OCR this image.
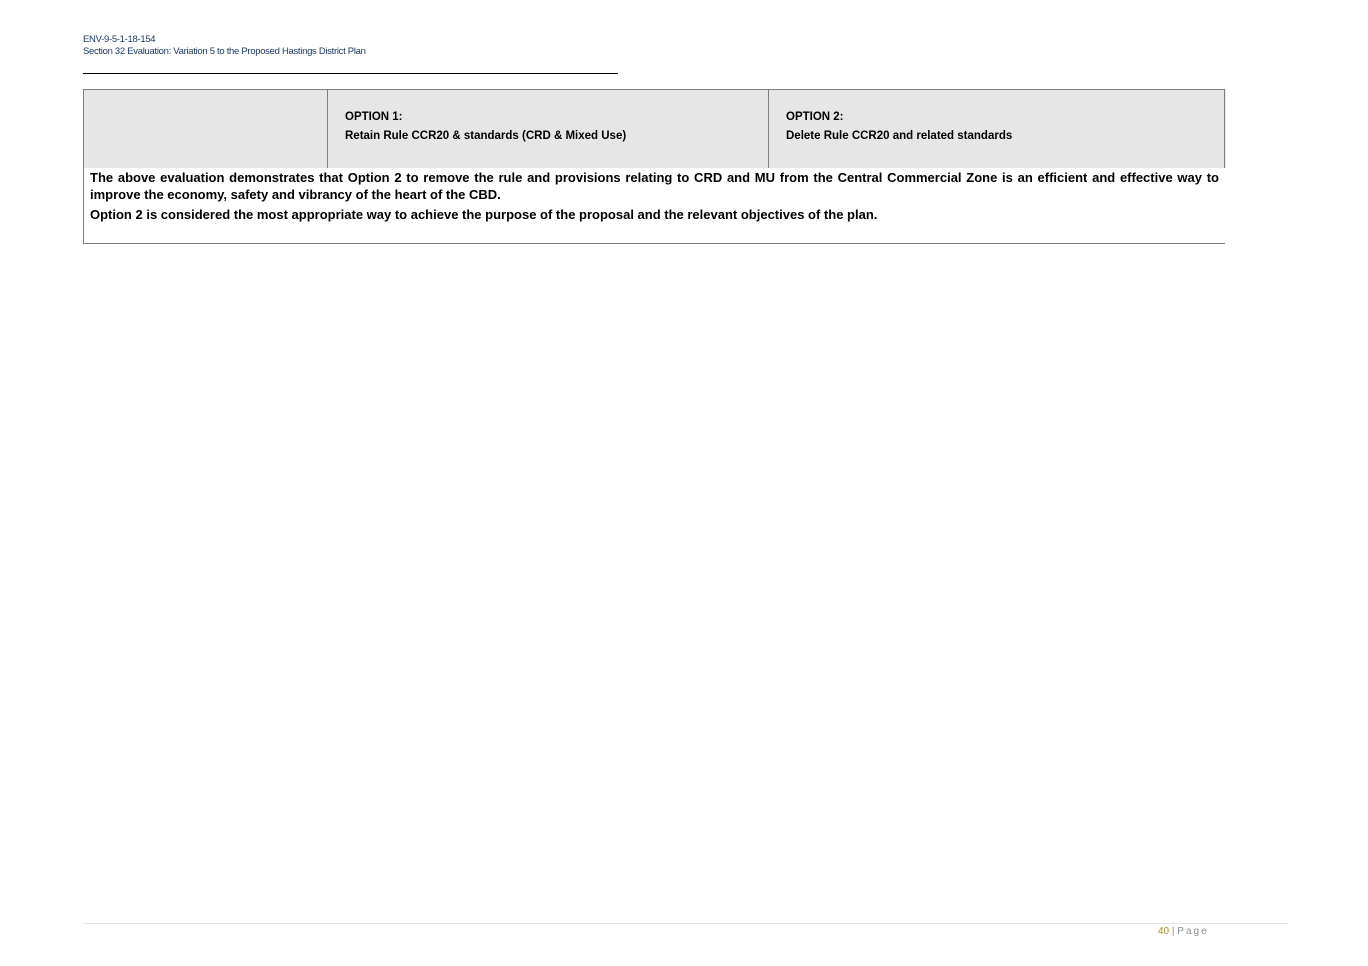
ENV-9-5-1-18-154
Section 32 Evaluation: Variation 5 to the Proposed Hastings District Plan
OPTION 1:
Retain Rule CCR20 & standards (CRD & Mixed Use)
OPTION 2:
Delete Rule CCR20 and related standards

The above evaluation demonstrates that Option 2 to remove the rule and provisions relating to CRD and MU from the Central Commercial Zone is an efficient and effective way to improve the economy, safety and vibrancy of the heart of the CBD.

Option 2 is considered the most appropriate way to achieve the purpose of the proposal and the relevant objectives of the plan.

40 | Page
